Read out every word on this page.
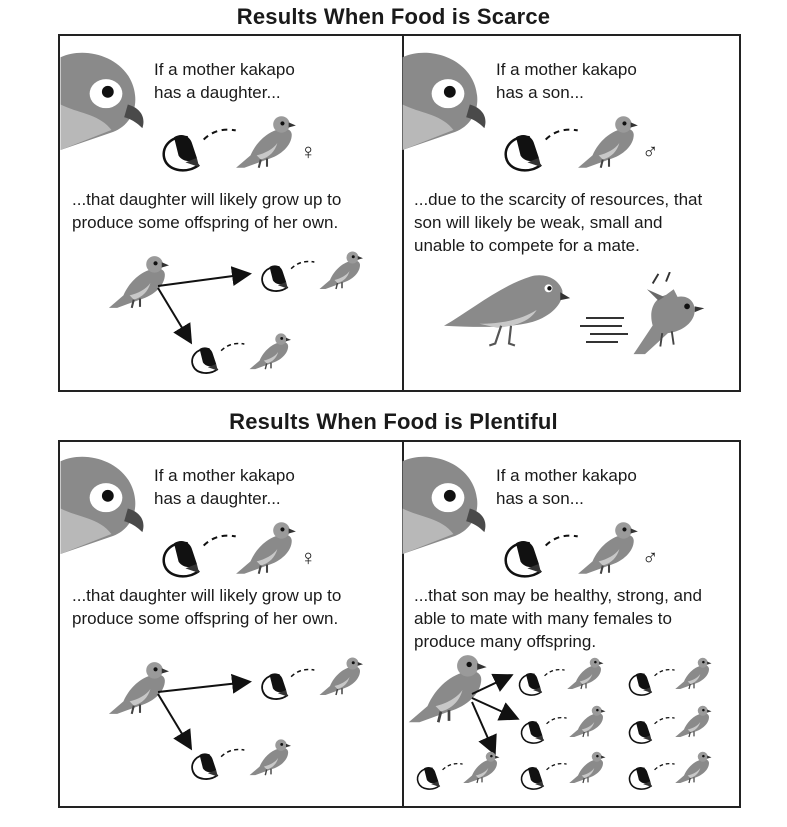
Results When Food is Scarce
If a mother kakapo
has a daughter...
♀
...that daughter will likely grow up to
produce some offspring of her own.
If a mother kakapo
has a son...
♂
...due to the scarcity of resources, that
son will likely be weak, small and
unable to compete for a mate.
Results When Food is Plentiful
If a mother kakapo
has a daughter...
♀
...that daughter will likely grow up to
produce some offspring of her own.
If a mother kakapo
has a son...
♂
...that son may be healthy, strong, and
able to mate with many females to
produce many offspring.
